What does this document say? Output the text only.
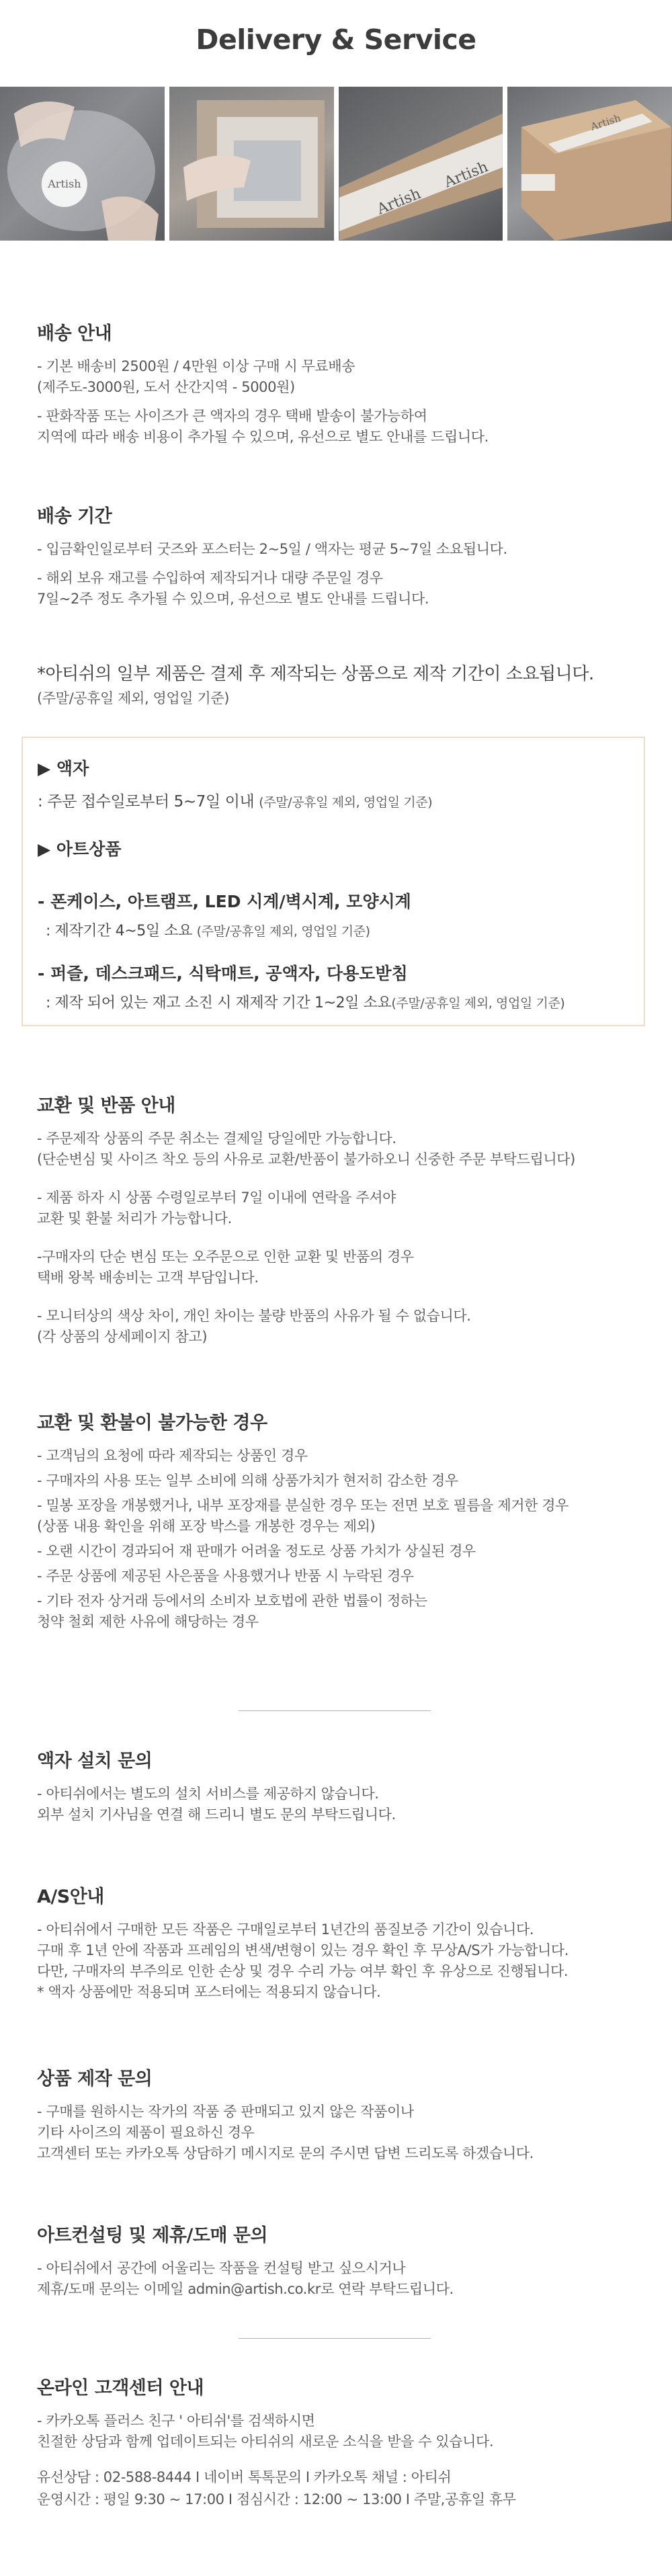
Delivery & Service
Artish
Artish
Artish
Artish
배송 안내
- 기본 배송비 2500원 / 4만원 이상 구매 시 무료배송
(제주도-3000원, 도서 산간지역 - 5000원)
- 판화작품 또는 사이즈가 큰 액자의 경우 택배 발송이 불가능하여
지역에 따라 배송 비용이 추가될 수 있으며, 유선으로 별도 안내를 드립니다.
배송 기간
- 입금확인일로부터 굿즈와 포스터는 2~5일 / 액자는 평균 5~7일 소요됩니다.
- 해외 보유 재고를 수입하여 제작되거나 대량 주문일 경우
7일~2주 정도 추가될 수 있으며, 유선으로 별도 안내를 드립니다.
*아티쉬의 일부 제품은 결제 후 제작되는 상품으로 제작 기간이 소요됩니다.
(주말/공휴일 제외, 영업일 기준)
▶ 액자
: 주문 접수일로부터 5~7일 이내 (주말/공휴일 제외, 영업일 기준)
▶ 아트상품
- 폰케이스, 아트램프, LED 시계/벽시계, 모양시계
: 제작기간 4~5일 소요 (주말/공휴일 제외, 영업일 기준)
- 퍼즐, 데스크패드, 식탁매트, 공액자, 다용도받침
: 제작 되어 있는 재고 소진 시 재제작 기간 1~2일 소요(주말/공휴일 제외, 영업일 기준)
교환 및 반품 안내
- 주문제작 상품의 주문 취소는 결제일 당일에만 가능합니다.
(단순변심 및 사이즈 착오 등의 사유로 교환/반품이 불가하오니 신중한 주문 부탁드립니다)
- 제품 하자 시 상품 수령일로부터 7일 이내에 연락을 주셔야
교환 및 환불 처리가 가능합니다.
-구매자의 단순 변심 또는 오주문으로 인한 교환 및 반품의 경우
택배 왕복 배송비는 고객 부담입니다.
- 모니터상의 색상 차이, 개인 차이는 불량 반품의 사유가 될 수 없습니다.
(각 상품의 상세페이지 참고)
교환 및 환불이 불가능한 경우
- 고객님의 요청에 따라 제작되는 상품인 경우
- 구매자의 사용 또는 일부 소비에 의해 상품가치가 현저히 감소한 경우
- 밀봉 포장을 개봉했거나, 내부 포장재를 분실한 경우 또는 전면 보호 필름을 제거한 경우
(상품 내용 확인을 위해 포장 박스를 개봉한 경우는 제외)
- 오랜 시간이 경과되어 재 판매가 어려울 정도로 상품 가치가 상실된 경우
- 주문 상품에 제공된 사은품을 사용했거나 반품 시 누락된 경우
- 기타 전자 상거래 등에서의 소비자 보호법에 관한 법률이 정하는
청약 철회 제한 사유에 해당하는 경우
액자 설치 문의
- 아티쉬에서는 별도의 설치 서비스를 제공하지 않습니다.
외부 설치 기사님을 연결 해 드리니 별도 문의 부탁드립니다.
A/S안내
- 아티쉬에서 구매한 모든 작품은 구매일로부터 1년간의 품질보증 기간이 있습니다.
구매 후 1년 안에 작품과 프레임의 변색/변형이 있는 경우 확인 후 무상A/S가 가능합니다.
다만, 구매자의 부주의로 인한 손상 및 경우 수리 가능 여부 확인 후 유상으로 진행됩니다.
* 액자 상품에만 적용되며 포스터에는 적용되지 않습니다.
상품 제작 문의
- 구매를 원하시는 작가의 작품 중 판매되고 있지 않은 작품이나
기타 사이즈의 제품이 필요하신 경우
고객센터 또는 카카오톡 상담하기 메시지로 문의 주시면 답변 드리도록 하겠습니다.
아트컨설팅 및 제휴/도매 문의
- 아티쉬에서 공간에 어울리는 작품을 컨설팅 받고 싶으시거나
제휴/도매 문의는 이메일 admin@artish.co.kr로 연락 부탁드립니다.
온라인 고객센터 안내
- 카카오톡 플러스 친구 ' 아티쉬'를 검색하시면
친절한 상담과 함께 업데이트되는 아티쉬의 새로운 소식을 받을 수 있습니다.
유선상담 : 02-588-8444 I 네이버 톡톡문의 I 카카오톡 채널 : 아티쉬
운영시간 : 평일 9:30 ~ 17:00 I 점심시간 : 12:00 ~ 13:00 I 주말,공휴일 휴무
